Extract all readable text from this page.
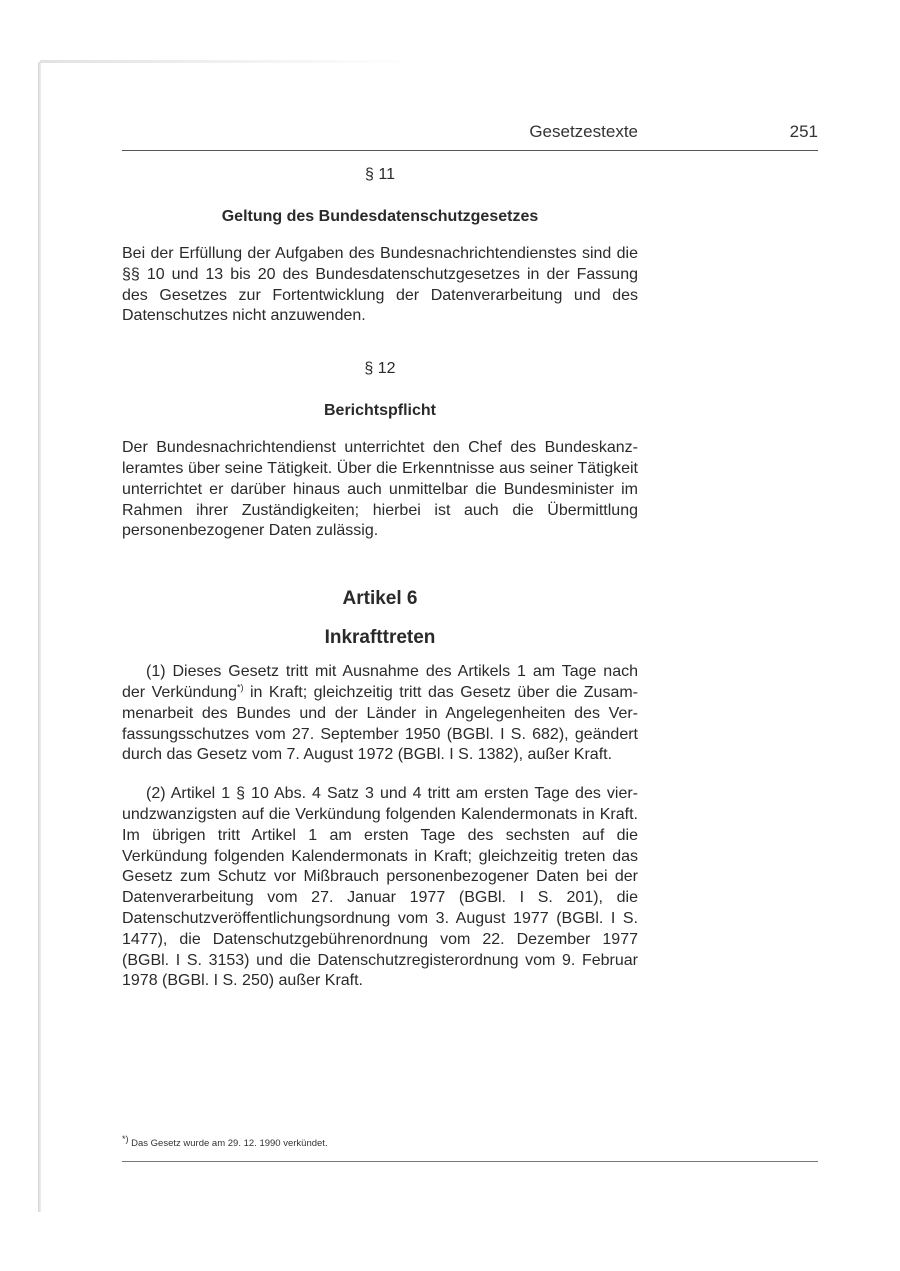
Gesetzestexte	251
§ 11
Geltung des Bundesdatenschutzgesetzes

Bei der Erfüllung der Aufgaben des Bundesnachrichtendienstes sind die §§ 10 und 13 bis 20 des Bundesdatenschutzgesetzes in der Fassung des Gesetzes zur Fortentwicklung der Datenverarbeitung und des Datenschutzes nicht anzuwenden.

§ 12
Berichtspflicht

Der Bundesnachrichtendienst unterrichtet den Chef des Bundeskanzleramtes über seine Tätigkeit. Über die Erkenntnisse aus seiner Tätigkeit unterrichtet er darüber hinaus auch unmittelbar die Bundesminister im Rahmen ihrer Zuständigkeiten; hierbei ist auch die Übermittlung personenbezogener Daten zulässig.

Artikel 6
Inkrafttreten

(1) Dieses Gesetz tritt mit Ausnahme des Artikels 1 am Tage nach der Verkündung*) in Kraft; gleichzeitig tritt das Gesetz über die Zusammenarbeit des Bundes und der Länder in Angelegenheiten des Verfassungsschutzes vom 27. September 1950 (BGBl. I S. 682), geändert durch das Gesetz vom 7. August 1972 (BGBl. I S. 1382), außer Kraft.

(2) Artikel 1 § 10 Abs. 4 Satz 3 und 4 tritt am ersten Tage des vierundzwanzigsten auf die Verkündung folgenden Kalendermonats in Kraft. Im übrigen tritt Artikel 1 am ersten Tage des sechsten auf die Verkündung folgenden Kalendermonats in Kraft; gleichzeitig treten das Gesetz zum Schutz vor Mißbrauch personenbezogener Daten bei der Datenverarbeitung vom 27. Januar 1977 (BGBl. I S. 201), die Datenschutzveröffentlichungsordnung vom 3. August 1977 (BGBl. I S. 1477), die Datenschutzgebührenordnung vom 22. Dezember 1977 (BGBl. I S. 3153) und die Datenschutzregisterordnung vom 9. Februar 1978 (BGBl. I S. 250) außer Kraft.

*) Das Gesetz wurde am 29. 12. 1990 verkündet.
